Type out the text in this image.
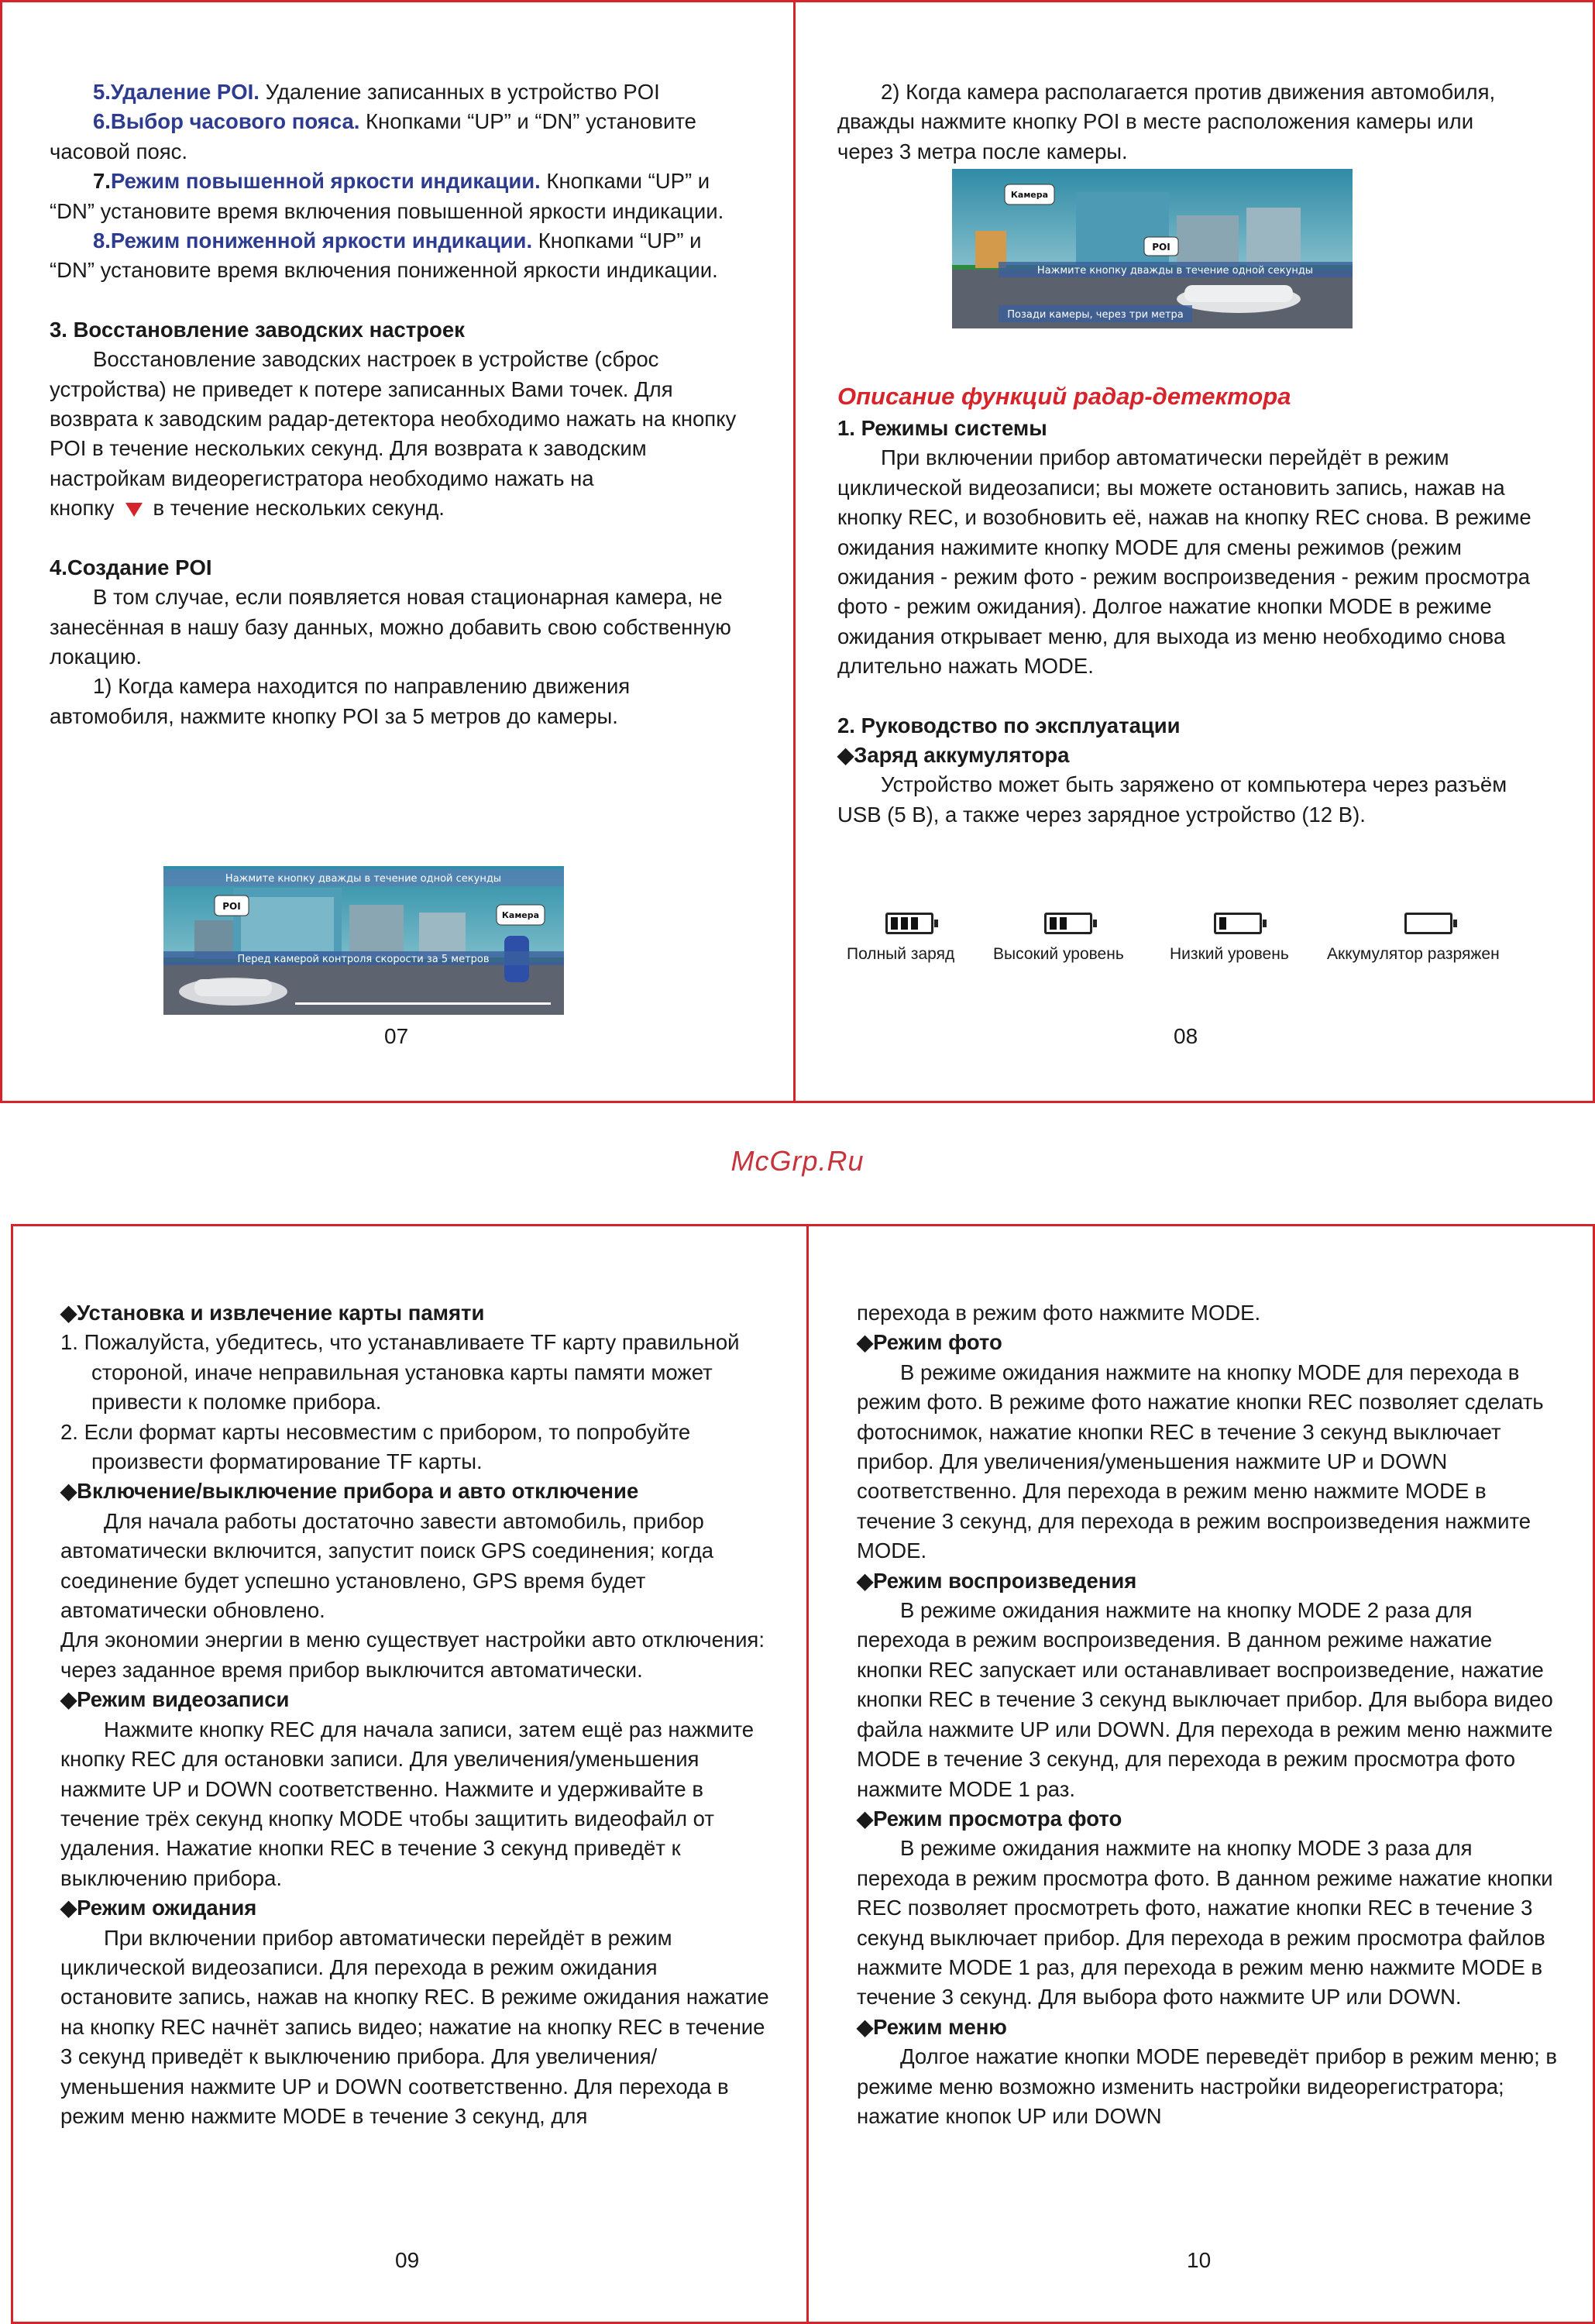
5.Удаление POI. Удаление записанных в устройство POI

6.Выбор часового пояса. Кнопками “UP” и “DN” установите часовой пояс.

7.Режим повышенной яркости индикации. Кнопками “UP” и “DN” установите время включения повышенной яркости индикации.

8.Режим пониженной яркости индикации. Кнопками “UP” и “DN” установите время включения пониженной яркости индикации.

3. Восстановление заводских настроек

Восстановление заводских настроек в устройстве (сброс устройства) не приведет к потере записанных Вами точек. Для возврата к заводским радар-детектора необходимо нажать на кнопку POI в течение нескольких секунд. Для возврата к заводским настройкам видеорегистратора необходимо нажать на

кнопку в течение нескольких секунд.

4.Создание POI

В том случае, если появляется новая стационарная камера, не занесённая в нашу базу данных, можно добавить свою собственную локацию.

1) Когда камера находится по направлению движения автомобиля, нажмите кнопку POI за 5 метров до камеры.

Нажмите кнопку дважды в течение одной секунды
POI
Камера
Перед камерой контроля скорости за 5 метров
07

2) Когда камера располагается против движения автомобиля, дважды нажмите кнопку POI в месте расположения камеры или через 3 метра после камеры.

Камера
POI
Нажмите кнопку дважды в течение одной секунды
Позади камеры, через три метра

Описание функций радар-детектора

1. Режимы системы

При включении прибор автоматически перейдёт в режим циклической видеозаписи; вы можете остановить запись, нажав на кнопку REC, и возобновить её, нажав на кнопку REC снова. В режиме ожидания нажимите кнопку MODE для смены режимов (режим ожидания - режим фото - режим воспроизведения - режим просмотра фото - режим ожидания). Долгое нажатие кнопки MODE в режиме ожидания открывает меню, для выхода из меню необходимо снова длительно нажать MODE.

2. Руководство по эксплуатации

◆Заряд аккумулятора

Устройство может быть заряжено от компьютера через разъём USB (5 В), а также через зарядное устройство (12 В).

Полный заряд Высокий уровень	Низкий уровень Аккумулятор разряжен
08
McGrp.Ru

◆Установка и извлечение карты памяти

1. Пожалуйста, убедитесь, что устанавливаете TF карту правильной стороной, иначе неправильная установка карты памяти может привести к поломке прибора.

2. Если формат карты несовместим с прибором, то попробуйте произвести форматирование TF карты.

◆Включение/выключение прибора и авто отключение

Для начала работы достаточно завести автомобиль, прибор автоматически включится, запустит поиск GPS соединения; когда соединение будет успешно установлено, GPS время будет автоматически обновлено.

Для экономии энергии в меню существует настройки авто отключения: через заданное время прибор выключится автоматически.

◆Режим видеозаписи

Нажмите кнопку REC для начала записи, затем ещё раз нажмите кнопку REC для остановки записи. Для увеличения/уменьшения нажмите UP и DOWN соответственно. Нажмите и удерживайте в течение трёх секунд кнопку MODE чтобы защитить видеофайл от удаления. Нажатие кнопки REC в течение 3 секунд приведёт к выключению прибора.

◆Режим ожидания

При включении прибор автоматически перейдёт в режим циклической видеозаписи. Для перехода в режим ожидания остановите запись, нажав на кнопку REC. В режиме ожидания нажатие на кнопку REC начнёт запись видео; нажатие на кнопку REC в течение 3 секунд приведёт к выключению прибора. Для увеличения/уменьшения нажмите UP и DOWN соответственно. Для перехода в режим меню нажмите MODE в течение 3 секунд, для

09

перехода в режим фото нажмите MODE.

◆Режим фото

В режиме ожидания нажмите на кнопку MODE для перехода в режим фото. В режиме фото нажатие кнопки REC позволяет сделать фотоснимок, нажатие кнопки REC в течение 3 секунд выключает прибор. Для увеличения/уменьшения нажмите UP и DOWN соответственно. Для перехода в режим меню нажмите MODE в течение 3 секунд, для перехода в режим воспроизведения нажмите MODE.

◆Режим воспроизведения

В режиме ожидания нажмите на кнопку MODE 2 раза для перехода в режим воспроизведения. В данном режиме нажатие кнопки REC запускает или останавливает воспроизведение, нажатие кнопки REC в течение 3 секунд выключает прибор. Для выбора видео файла нажмите UP или DOWN. Для перехода в режим меню нажмите MODE в течение 3 секунд, для перехода в режим просмотра фото нажмите MODE 1 раз.

◆Режим просмотра фото

В режиме ожидания нажмите на кнопку MODE 3 раза для перехода в режим просмотра фото. В данном режиме нажатие кнопки REC позволяет просмотреть фото, нажатие кнопки REC в течение 3 секунд выключает прибор. Для перехода в режим просмотра файлов нажмите MODE 1 раз, для перехода в режим меню нажмите MODE в течение 3 секунд. Для выбора фото нажмите UP или DOWN.

◆Режим меню

Долгое нажатие кнопки MODE переведёт прибор в режим меню; в режиме меню возможно изменить настройки видеорегистратора; нажатие кнопок UP или DOWN

10
